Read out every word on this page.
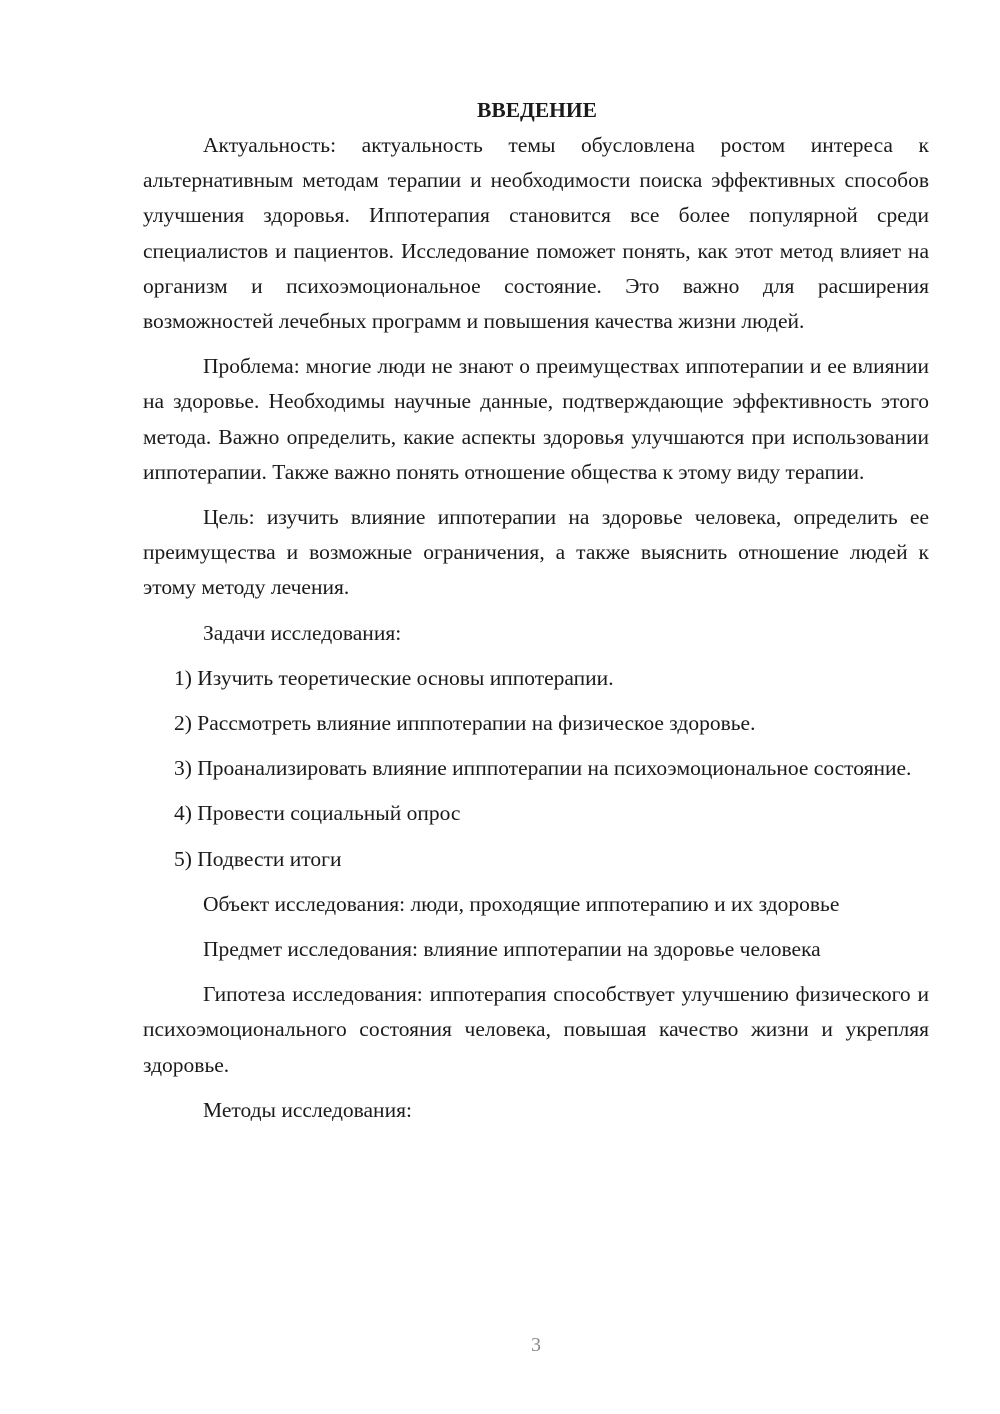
ВВЕДЕНИЕ

Актуальность: актуальность темы обусловлена ростом интереса к альтернативным методам терапии и необходимости поиска эффективных способов улучшения здоровья. Иппотерапия становится все более популярной среди специалистов и пациентов. Исследование поможет понять, как этот метод влияет на организм и психоэмоциональное состояние. Это важно для расширения возможностей лечебных программ и повышения качества жизни людей.

Проблема: многие люди не знают о преимуществах иппотерапии и ее влиянии на здоровье. Необходимы научные данные, подтверждающие эффективность этого метода. Важно определить, какие аспекты здоровья улучшаются при использовании иппотерапии. Также важно понять отношение общества к этому виду терапии.

Цель: изучить влияние иппотерапии на здоровье человека, определить ее преимущества и возможные ограничения, а также выяснить отношение людей к этому методу лечения.

Задачи исследования:

1) Изучить теоретические основы иппотерапии.

2) Рассмотреть влияние ипппотерапии на физическое здоровье.

3) Проанализировать влияние ипппотерапии на психоэмоциональное состояние.

4) Провести социальный опрос

5) Подвести итоги

Объект исследования: люди, проходящие иппотерапию и их здоровье

Предмет исследования: влияние иппотерапии на здоровье человека

Гипотеза исследования: иппотерапия способствует улучшению физического и психоэмоционального состояния человека, повышая качество жизни и укрепляя здоровье.

Методы исследования:

3
